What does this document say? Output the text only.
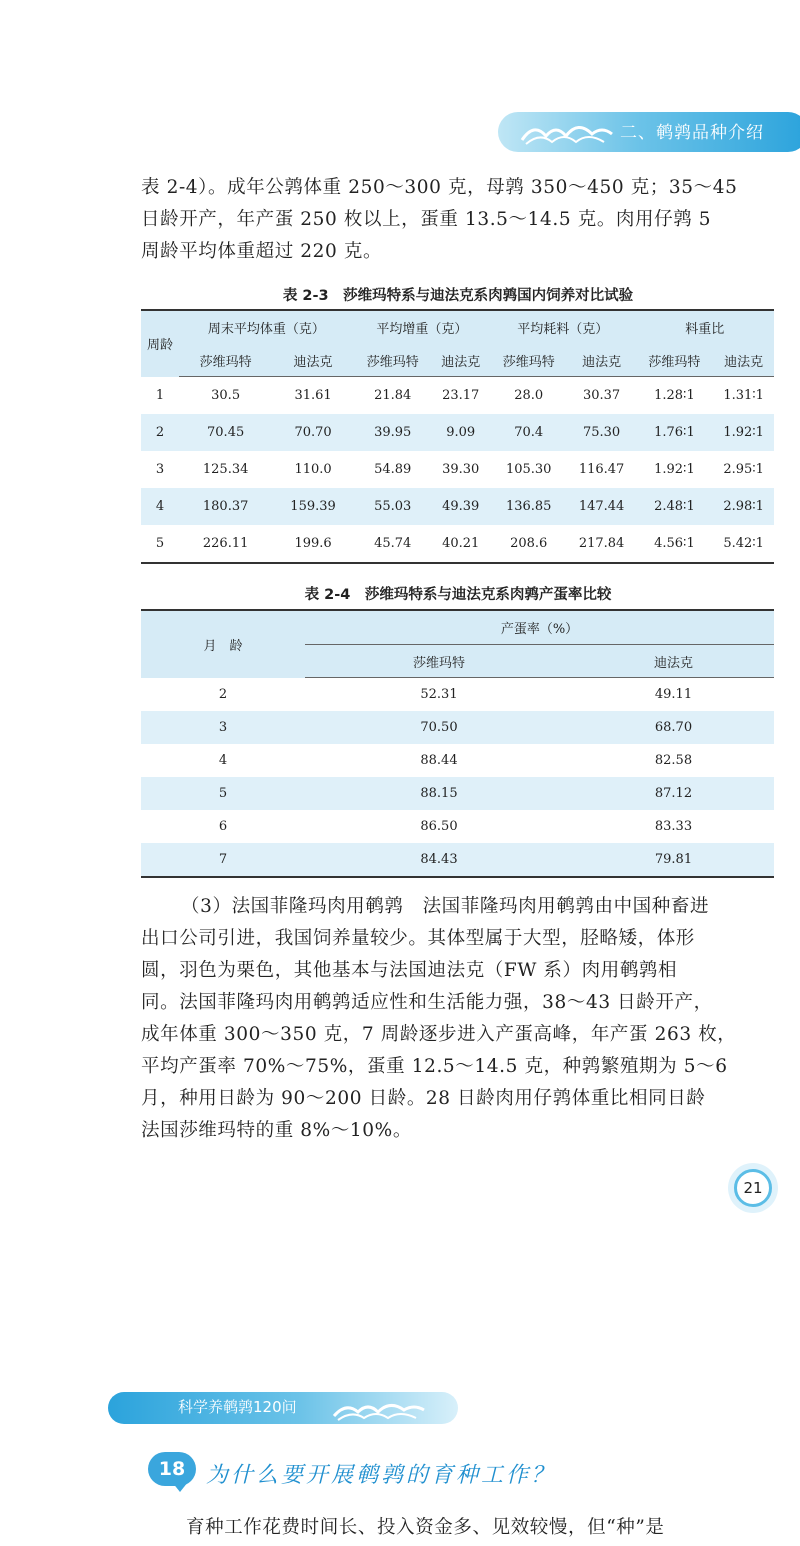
二、鹌鹑品种介绍
表 2-4）。成年公鹑体重 250～300 克，母鹑 350～450 克；35～45
日龄开产，年产蛋 250 枚以上，蛋重 13.5～14.5 克。肉用仔鹑 5
周龄平均体重超过 220 克。
表 2-3　莎维玛特系与迪法克系肉鹑国内饲养对比试验
周龄	周末平均体重（克）		平均增重（克）		平均耗料（克）		料重比	
	莎维玛特	迪法克	莎维玛特	迪法克	莎维玛特	迪法克	莎维玛特	迪法克
1	30.5	31.61	21.84	23.17	28.0	30.37	1.28∶1	1.31∶1
2	70.45	70.70	39.95	9.09	70.4	75.30	1.76∶1	1.92∶1
3	125.34	110.0	54.89	39.30	105.30	116.47	1.92∶1	2.95∶1
4	180.37	159.39	55.03	49.39	136.85	147.44	2.48∶1	2.98∶1
5	226.11	199.6	45.74	40.21	208.6	217.84	4.56∶1	5.42∶1
表 2-4　莎维玛特系与迪法克系肉鹑产蛋率比较
月　龄	产蛋率（%）	
	莎维玛特	迪法克
2	52.31	49.11
3	70.50	68.70
4	88.44	82.58
5	88.15	87.12
6	86.50	83.33
7	84.43	79.81
（3）法国菲隆玛肉用鹌鹑　法国菲隆玛肉用鹌鹑由中国种畜进
出口公司引进，我国饲养量较少。其体型属于大型，胫略矮，体形
圆，羽色为栗色，其他基本与法国迪法克（FW 系）肉用鹌鹑相
同。法国菲隆玛肉用鹌鹑适应性和生活能力强，38～43 日龄开产，
成年体重 300～350 克，7 周龄逐步进入产蛋高峰，年产蛋 263 枚，
平均产蛋率 70%～75%，蛋重 12.5～14.5 克，种鹑繁殖期为 5～6
月，种用日龄为 90～200 日龄。28 日龄肉用仔鹑体重比相同日龄
法国莎维玛特的重 8%～10%。
21
科学养鹌鹑120问
18 为什么要开展鹌鹑的育种工作？
育种工作花费时间长、投入资金多、见效较慢，但“种”是
